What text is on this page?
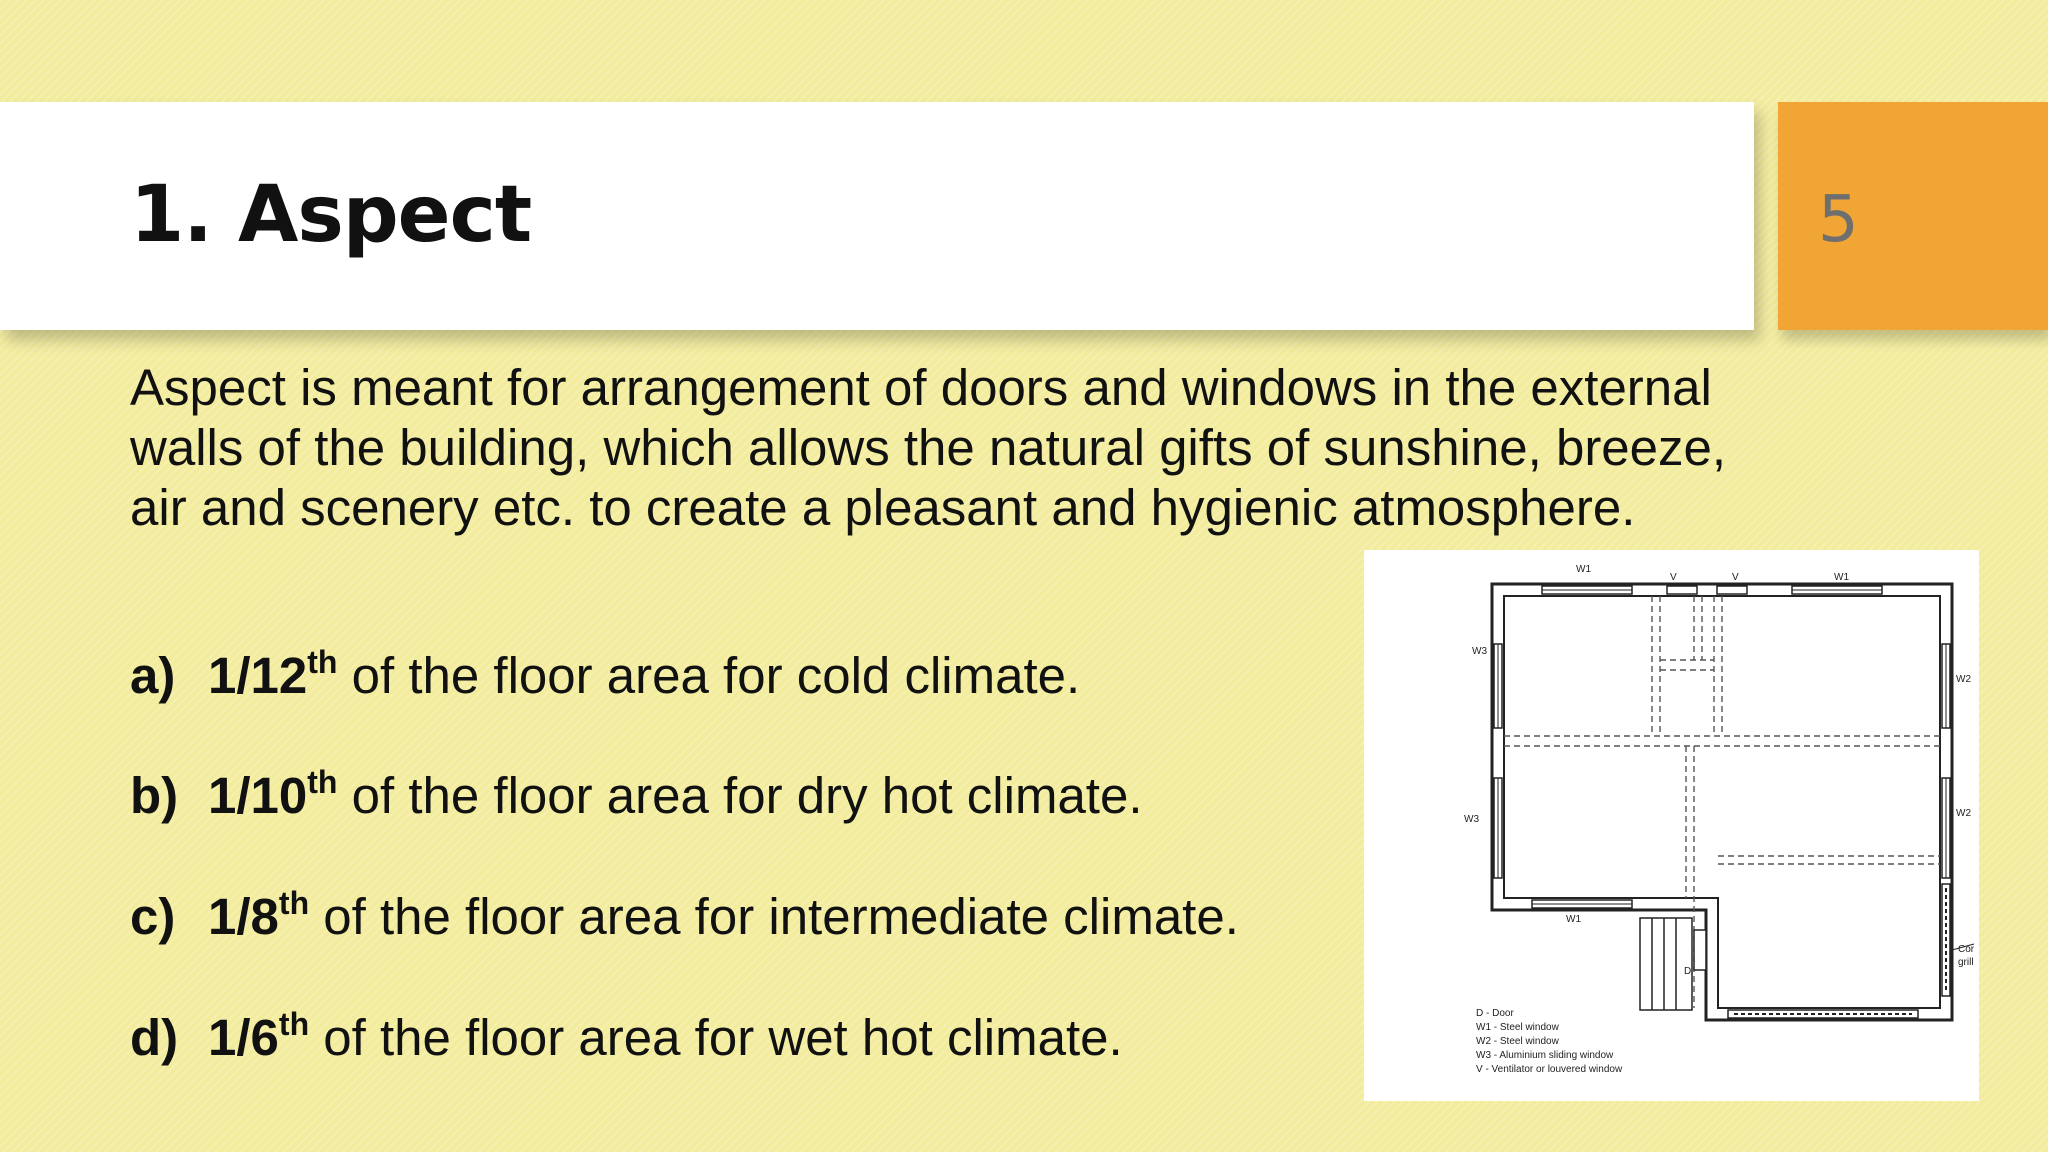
1. Aspect	5

Aspect is meant for arrangement of doors and windows in the external walls of the building, which allows the natural gifts of sunshine, breeze, air and scenery etc. to create a pleasant and hygienic atmosphere.

a) 1/12th of the floor area for cold climate.

b) 1/10th of the floor area for dry hot climate.

c) 1/8th of the floor area for intermediate climate.

d) 1/6th of the floor area for wet hot climate.

W1
W1
V	V
W3
W3
W2
W2
W1
D
Cor
grill
D - Door
W1 - Steel window
W2 - Steel window
W3 - Aluminium sliding window
V - Ventilator or louvered window
